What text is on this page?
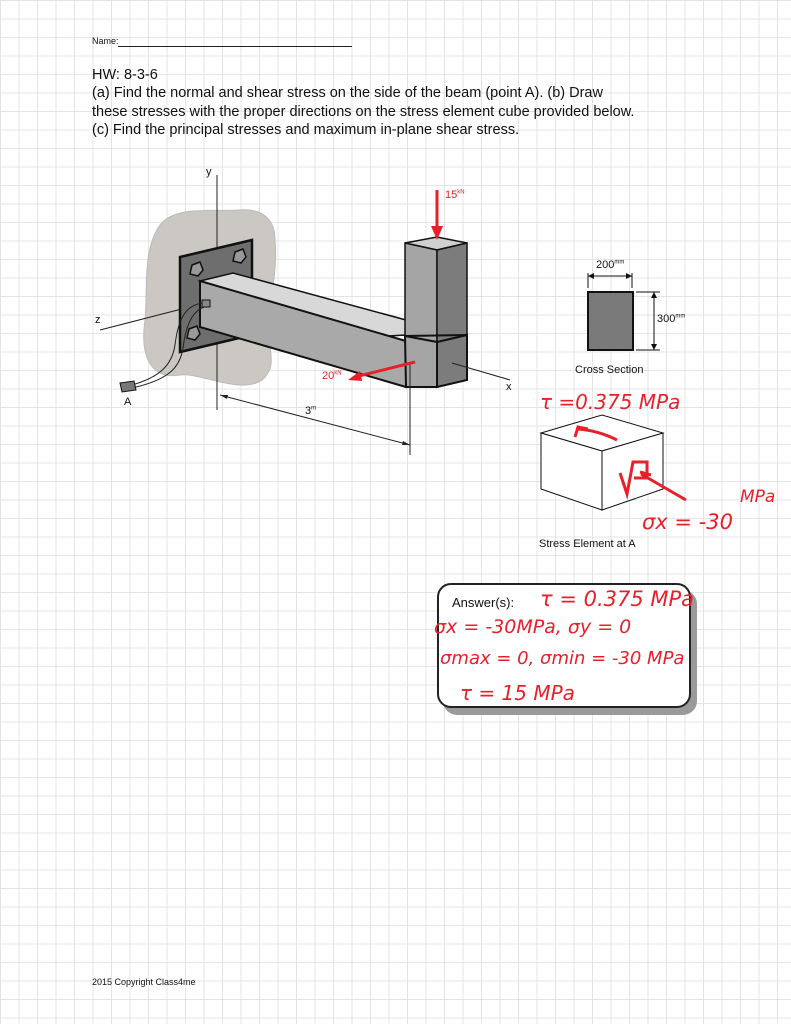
Name:
HW: 8-3-6
(a) Find the normal and shear stress on the side of the beam (point A). (b) Draw
these stresses with the proper directions on the stress element cube provided below.
(c) Find the principal stresses and maximum in-plane shear stress.
y
z
x
A
$15^{kN}$
$20^{kN}$
3$^m$
$200^{mm}$
$300^{mm}$
Cross Section
τ =0.375 MPa
MPa
σx = -30
Stress Element at A
Answer(s): τ = 0.375 MPa
σx = -30MPa, σy = 0
σmax = 0, σmin = -30 MPa
τ = 15 MPa
2015 Copyright Class4me
